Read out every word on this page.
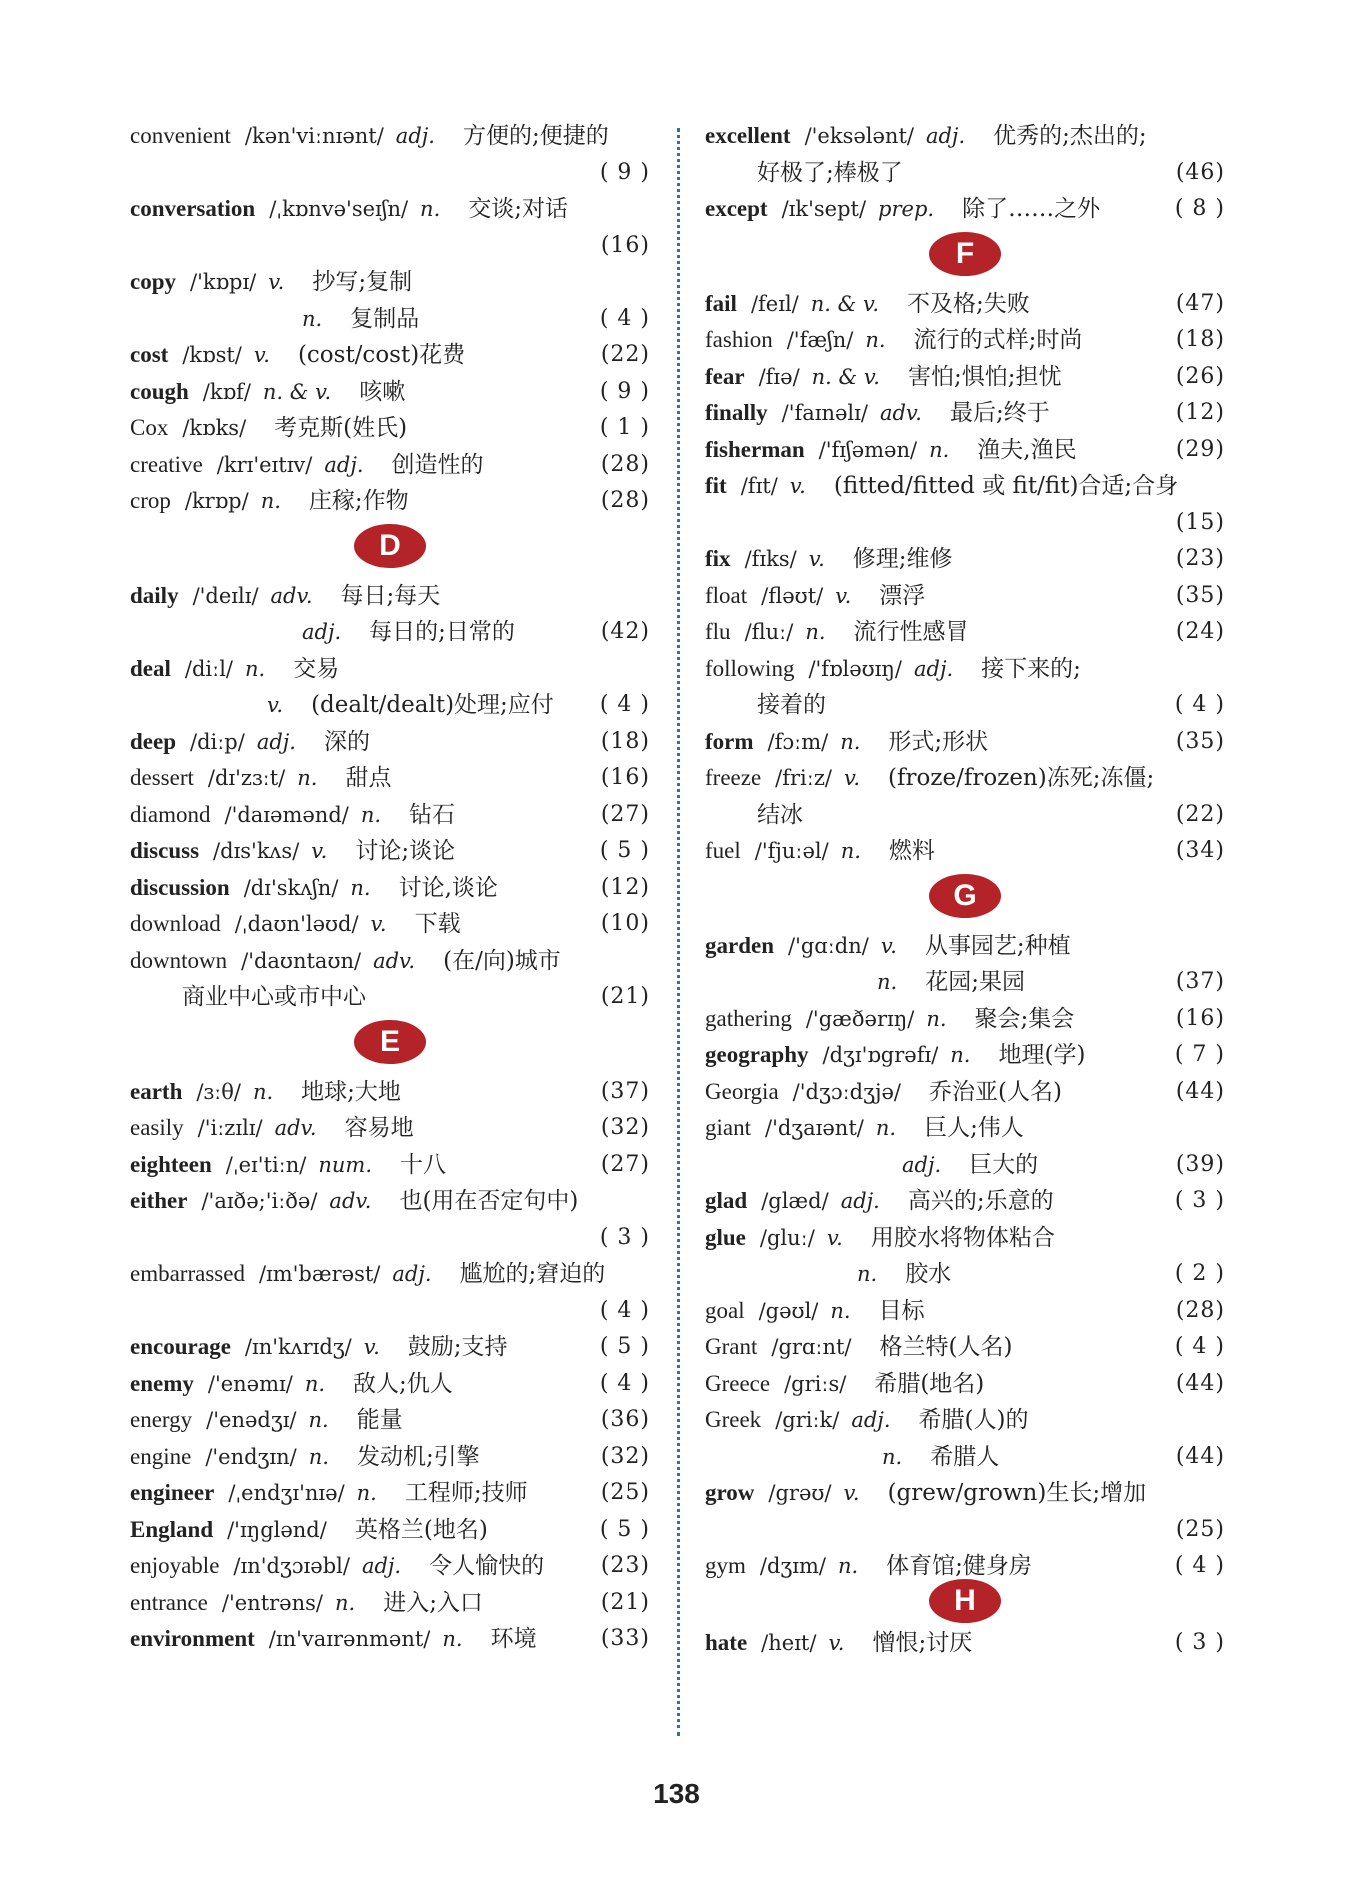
convenient /kən'viːnɪənt/ adj. 方便的;便捷的
( 9 )
conversation /ˌkɒnvə'seɪʃn/ n. 交谈;对话
(16)
copy /'kɒpɪ/ v. 抄写;复制
n. 复制品	( 4 )
cost /kɒst/ v. (cost/cost)花费	(22)
cough /kɒf/ n. & v. 咳嗽	( 9 )
Cox /kɒks/ 考克斯(姓氏)	( 1 )
creative /krɪ'eɪtɪv/ adj. 创造性的	(28)
crop /krɒp/ n. 庄稼;作物	(28)
D
daily /'deɪlɪ/ adv. 每日;每天
adj. 每日的;日常的	(42)
deal /diːl/ n. 交易
v. (dealt/dealt)处理;应付 ( 4 )
deep /diːp/ adj. 深的	(18)
dessert /dɪ'zɜːt/ n. 甜点	(16)
diamond /'daɪəmənd/ n. 钻石	(27)
discuss /dɪs'kʌs/ v. 讨论;谈论	( 5 )
discussion /dɪ'skʌʃn/ n. 讨论,谈论	(12)
download /ˌdaʊn'ləʊd/ v. 下载	(10)
downtown /'daʊntaʊn/ adv. (在/向)城市
商业中心或市中心	(21)
E
earth /ɜːθ/ n. 地球;大地	(37)
easily /'iːzɪlɪ/ adv. 容易地	(32)
eighteen /ˌeɪ'tiːn/ num. 十八	(27)
either /'aɪðə;'iːðə/ adv. 也(用在否定句中)
( 3 )
embarrassed /ɪm'bærəst/ adj. 尴尬的;窘迫的
( 4 )
encourage /ɪn'kʌrɪdʒ/ v. 鼓励;支持	( 5 )
enemy /'enəmɪ/ n. 敌人;仇人	( 4 )
energy /'enədʒɪ/ n. 能量	(36)
engine /'endʒɪn/ n. 发动机;引擎	(32)
engineer /ˌendʒɪ'nɪə/ n. 工程师;技师	(25)
England /'ɪŋglənd/ 英格兰(地名)	( 5 )
enjoyable /ɪn'dʒɔɪəbl/ adj. 令人愉快的	(23)
entrance /'entrəns/ n. 进入;入口	(21)
environment /ɪn'vaɪrənmənt/ n. 环境	(33)
excellent /'eksələnt/ adj. 优秀的;杰出的;
好极了;棒极了	(46)
except /ɪk'sept/ prep. 除了……之外	( 8 )
F
fail /feɪl/ n. & v. 不及格;失败	(47)
fashion /'fæʃn/ n. 流行的式样;时尚	(18)
fear /fɪə/ n. & v. 害怕;惧怕;担忧	(26)
finally /'faɪnəlɪ/ adv. 最后;终于	(12)
fisherman /'fɪʃəmən/ n. 渔夫,渔民	(29)
fit /fɪt/ v. (fitted/fitted 或 fit/fit)合适;合身
(15)
fix /fɪks/ v. 修理;维修	(23)
float /fləʊt/ v. 漂浮	(35)
flu /fluː/ n. 流行性感冒	(24)
following /'fɒləʊɪŋ/ adj. 接下来的;
接着的	( 4 )
form /fɔːm/ n. 形式;形状	(35)
freeze /friːz/ v. (froze/frozen)冻死;冻僵;
结冰	(22)
fuel /'fjuːəl/ n. 燃料	(34)
G
garden /'gɑːdn/ v. 从事园艺;种植
n. 花园;果园	(37)
gathering /'gæðərɪŋ/ n. 聚会;集会	(16)
geography /dʒɪ'ɒgrəfɪ/ n. 地理(学)	( 7 )
Georgia /'dʒɔːdʒjə/ 乔治亚(人名)	(44)
giant /'dʒaɪənt/ n. 巨人;伟人
adj. 巨大的	(39)
glad /glæd/ adj. 高兴的;乐意的	( 3 )
glue /gluː/ v. 用胶水将物体粘合
n. 胶水	( 2 )
goal /gəʊl/ n. 目标	(28)
Grant /grɑːnt/ 格兰特(人名)	( 4 )
Greece /griːs/ 希腊(地名)	(44)
Greek /griːk/ adj. 希腊(人)的
n. 希腊人	(44)
grow /grəʊ/ v. (grew/grown)生长;增加
(25)
gym /dʒɪm/ n. 体育馆;健身房	( 4 )
H
hate /heɪt/ v. 憎恨;讨厌	( 3 )
138
